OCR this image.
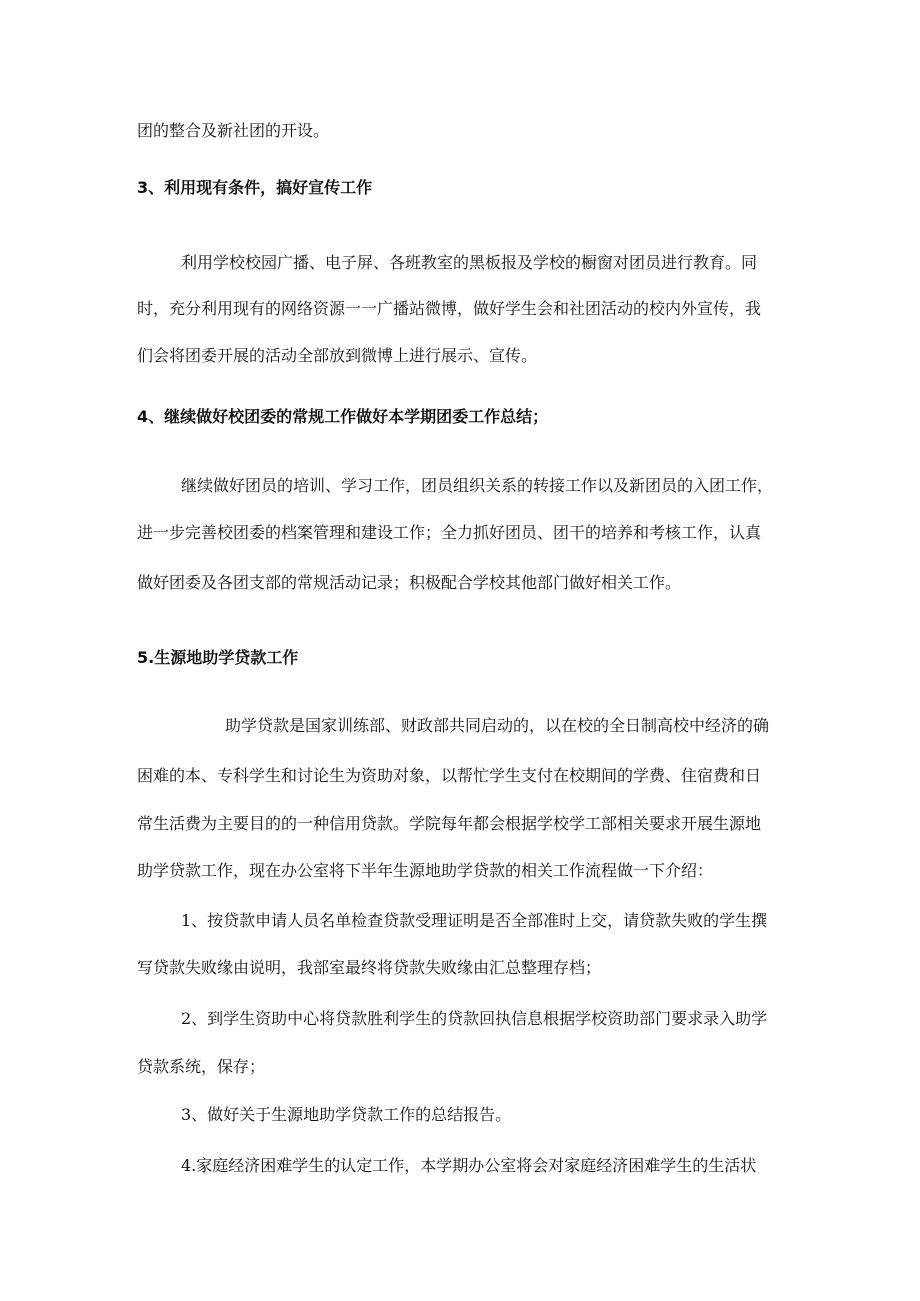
团的整合及新社团的开设。
3、利用现有条件，搞好宣传工作
利用学校校园广播、电子屏、各班教室的黑板报及学校的橱窗对团员进行教育。同
时，充分利用现有的网络资源一一广播站微博，做好学生会和社团活动的校内外宣传，我
们会将团委开展的活动全部放到微博上进行展示、宣传。
4、继续做好校团委的常规工作做好本学期团委工作总结；
继续做好团员的培训、学习工作，团员组织关系的转接工作以及新团员的入团工作，
进一步完善校团委的档案管理和建设工作；全力抓好团员、团干的培养和考核工作，认真
做好团委及各团支部的常规活动记录；积极配合学校其他部门做好相关工作。
5.生源地助学贷款工作
助学贷款是国家训练部、财政部共同启动的，以在校的全日制高校中经济的确
困难的本、专科学生和讨论生为资助对象，以帮忙学生支付在校期间的学费、住宿费和日
常生活费为主要目的的一种信用贷款。学院每年都会根据学校学工部相关要求开展生源地
助学贷款工作，现在办公室将下半年生源地助学贷款的相关工作流程做一下介绍：
1、按贷款申请人员名单检查贷款受理证明是否全部准时上交，请贷款失败的学生撰
写贷款失败缘由说明，我部室最终将贷款失败缘由汇总整理存档；
2、到学生资助中心将贷款胜利学生的贷款回执信息根据学校资助部门要求录入助学
贷款系统，保存；
3、做好关于生源地助学贷款工作的总结报告。
4.家庭经济困难学生的认定工作，本学期办公室将会对家庭经济困难学生的生活状
